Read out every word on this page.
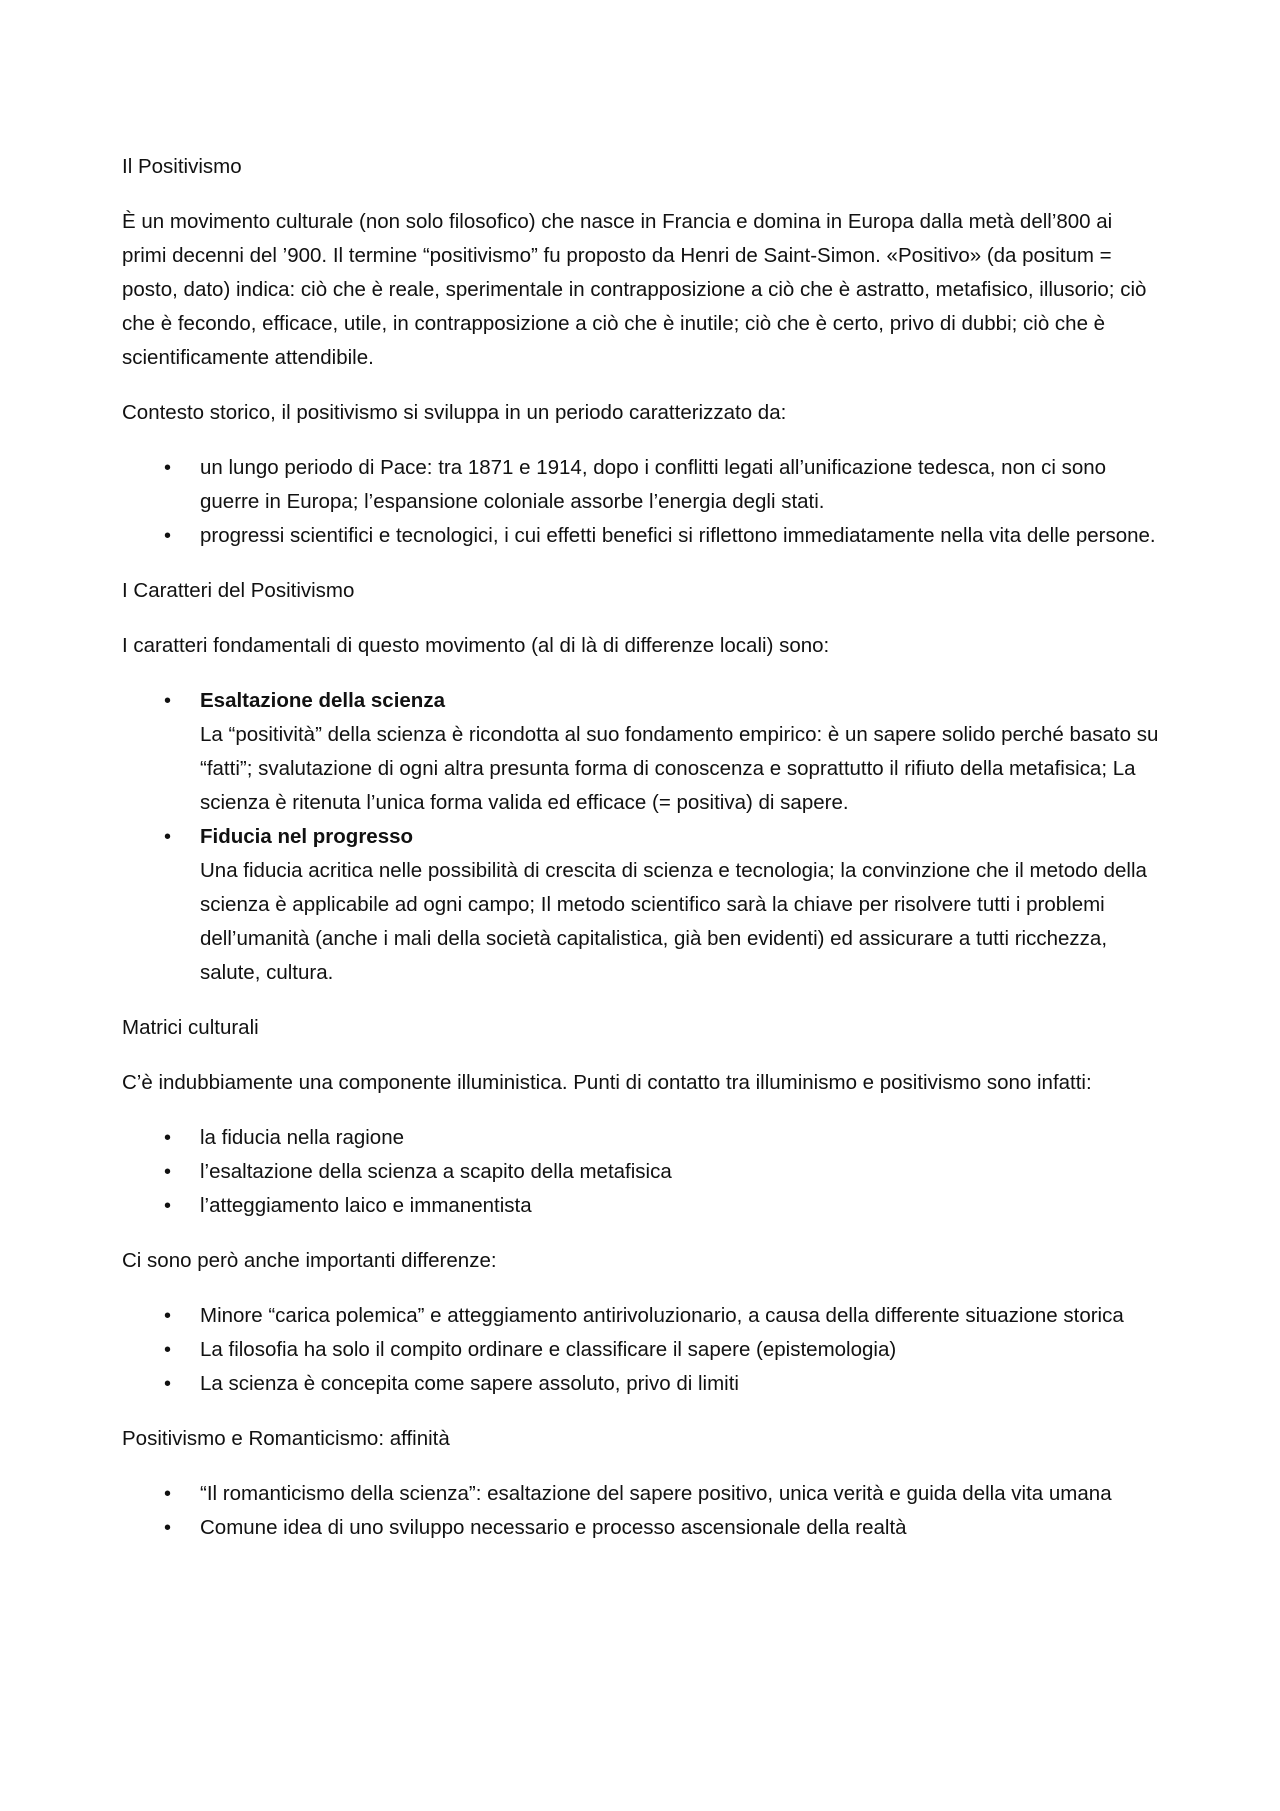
Il Positivismo

È un movimento culturale (non solo filosofico) che nasce in Francia e domina in Europa dalla metà dell’800 ai primi decenni del ’900. Il termine “positivismo” fu proposto da Henri de Saint-Simon. «Positivo» (da positum = posto, dato) indica: ciò che è reale, sperimentale in contrapposizione a ciò che è astratto, metafisico, illusorio; ciò che è fecondo, efficace, utile, in contrapposizione a ciò che è inutile; ciò che è certo, privo di dubbi; ciò che è scientificamente attendibile.

Contesto storico, il positivismo si sviluppa in un periodo caratterizzato da:

• un lungo periodo di Pace: tra 1871 e 1914, dopo i conflitti legati all’unificazione tedesca, non ci sono guerre in Europa; l’espansione coloniale assorbe l’energia degli stati.
• progressi scientifici e tecnologici, i cui effetti benefici si riflettono immediatamente nella vita delle persone.
I Caratteri del Positivismo

I caratteri fondamentali di questo movimento (al di là di differenze locali) sono:

• Esaltazione della scienza
La “positività” della scienza è ricondotta al suo fondamento empirico: è un sapere solido perché basato su “fatti”; svalutazione di ogni altra presunta forma di conoscenza e soprattutto il rifiuto della metafisica; La scienza è ritenuta l’unica forma valida ed efficace (= positiva) di sapere.
• Fiducia nel progresso
Una fiducia acritica nelle possibilità di crescita di scienza e tecnologia; la convinzione che il metodo della scienza è applicabile ad ogni campo; Il metodo scientifico sarà la chiave per risolvere tutti i problemi dell’umanità (anche i mali della società capitalistica, già ben evidenti) ed assicurare a tutti ricchezza, salute, cultura.
Matrici culturali

C’è indubbiamente una componente illuministica. Punti di contatto tra illuminismo e positivismo sono infatti:

• la fiducia nella ragione
• l’esaltazione della scienza a scapito della metafisica
• l’atteggiamento laico e immanentista

Ci sono però anche importanti differenze:

• Minore “carica polemica” e atteggiamento antirivoluzionario, a causa della differente situazione storica
• La filosofia ha solo il compito ordinare e classificare il sapere (epistemologia)
• La scienza è concepita come sapere assoluto, privo di limiti
Positivismo e Romanticismo: affinità
• “Il romanticismo della scienza”: esaltazione del sapere positivo, unica verità e guida della vita umana
• Comune idea di uno sviluppo necessario e processo ascensionale della realtà
